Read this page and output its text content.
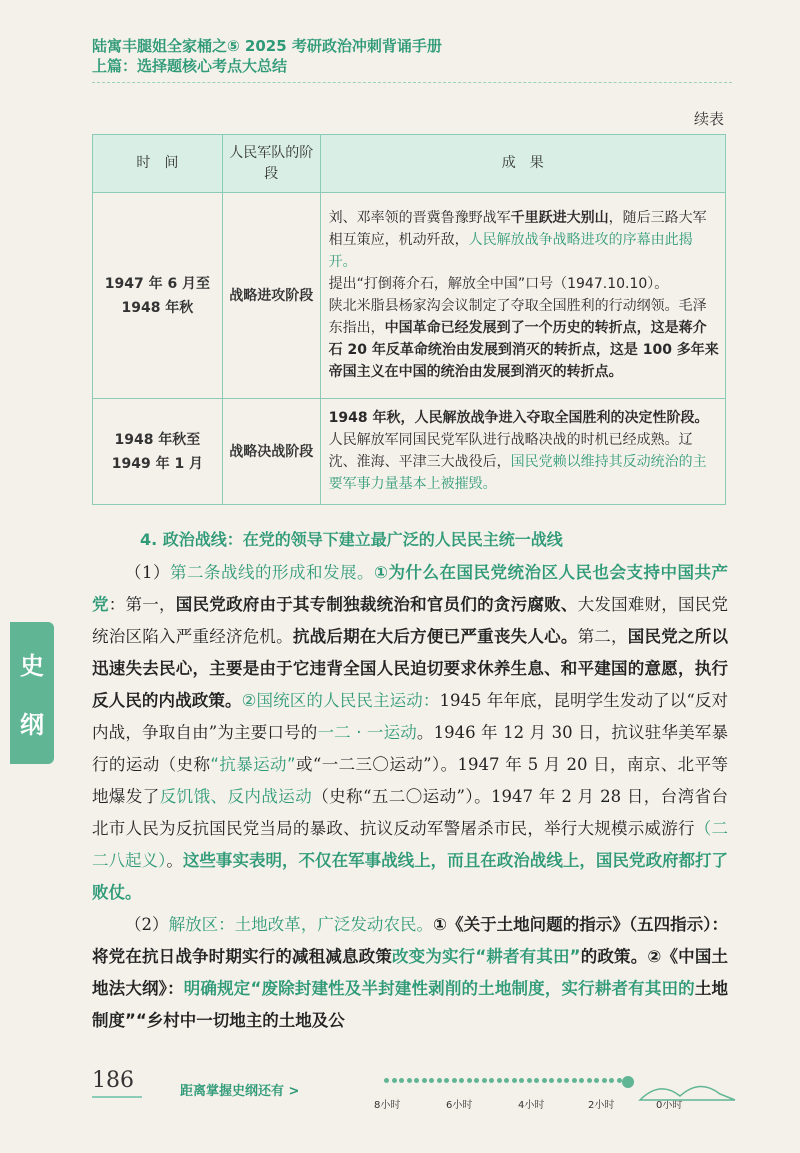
陆寓丰腿姐全家桶之⑤ 2025 考研政治冲刺背诵手册
上篇：选择题核心考点大总结
续表
时　间	人民军队的阶段	成　果
1947 年 6 月至 1948 年秋	战略进攻阶段	刘、邓率领的晋冀鲁豫野战军千里跃进大别山，随后三路大军相互策应，机动歼敌，人民解放战争战略进攻的序幕由此揭开。
提出“打倒蒋介石，解放全中国”口号（1947.10.10）。
陕北米脂县杨家沟会议制定了夺取全国胜利的行动纲领。毛泽东指出，中国革命已经发展到了一个历史的转折点，这是蒋介石 20 年反革命统治由发展到消灭的转折点，这是 100 多年来帝国主义在中国的统治由发展到消灭的转折点。
1948 年秋至 1949 年 1 月	战略决战阶段	1948 年秋，人民解放战争进入夺取全国胜利的决定性阶段。人民解放军同国民党军队进行战略决战的时机已经成熟。辽沈、淮海、平津三大战役后，国民党赖以维持其反动统治的主要军事力量基本上被摧毁。
4. 政治战线：在党的领导下建立最广泛的人民民主统一战线

（1）第二条战线的形成和发展。①为什么在国民党统治区人民也会支持中国共产党：第一，国民党政府由于其专制独裁统治和官员们的贪污腐败、大发国难财，国民党统治区陷入严重经济危机。抗战后期在大后方便已严重丧失人心。第二，国民党之所以迅速失去民心，主要是由于它违背全国人民迫切要求休养生息、和平建国的意愿，执行反人民的内战政策。②国统区的人民民主运动：1945 年年底，昆明学生发动了以“反对内战，争取自由”为主要口号的一二 · 一运动。1946 年 12 月 30 日，抗议驻华美军暴行的运动（史称“抗暴运动”或“一二三〇运动”）。1947 年 5 月 20 日，南京、北平等地爆发了反饥饿、反内战运动（史称“五二〇运动”）。1947 年 2 月 28 日，台湾省台北市人民为反抗国民党当局的暴政、抗议反动军警屠杀市民，举行大规模示威游行（二二八起义）。这些事实表明，不仅在军事战线上，而且在政治战线上，国民党政府都打了败仗。

（2）解放区：土地改革，广泛发动农民。①《关于土地问题的指示》（五四指示）：将党在抗日战争时期实行的减租减息政策改变为实行“耕者有其田”的政策。②《中国土地法大纲》：明确规定“废除封建性及半封建性剥削的土地制度，实行耕者有其田的土地制度”“乡村中一切地主的土地及公

史
纲
186	距离掌握史纲还有 >
8小时	6小时	4小时	2小时	0小时
